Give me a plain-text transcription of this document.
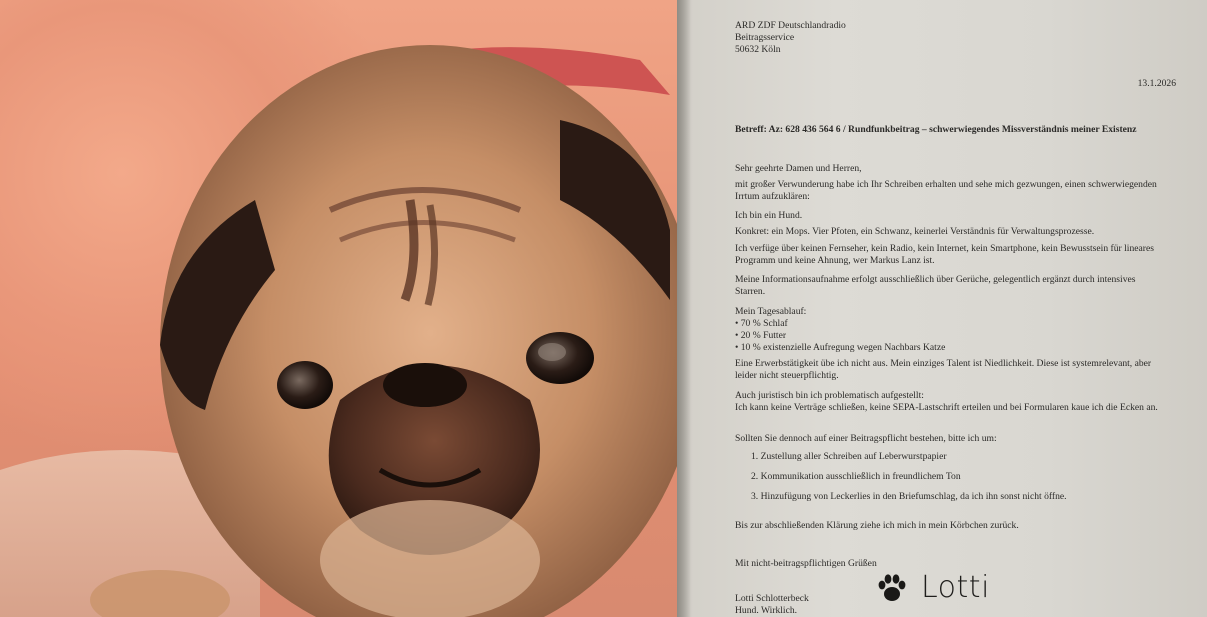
ARD ZDF Deutschlandradio
Beitragsservice
50632 Köln
13.1.2026
Betreff: Az: 628 436 564 6 / Rundfunkbeitrag – schwerwiegendes Missverständnis meiner Existenz
Sehr geehrte Damen und Herren,
mit großer Verwunderung habe ich Ihr Schreiben erhalten und sehe mich gezwungen, einen schwerwiegenden Irrtum aufzuklären:
Ich bin ein Hund.
Konkret: ein Mops. Vier Pfoten, ein Schwanz, keinerlei Verständnis für Verwaltungsprozesse.
Ich verfüge über keinen Fernseher, kein Radio, kein Internet, kein Smartphone, kein Bewusstsein für lineares Programm und keine Ahnung, wer Markus Lanz ist.
Meine Informationsaufnahme erfolgt ausschließlich über Gerüche, gelegentlich ergänzt durch intensives Starren.
Mein Tagesablauf:
• 70 % Schlaf
• 20 % Futter
• 10 % existenzielle Aufregung wegen Nachbars Katze
Eine Erwerbstätigkeit übe ich nicht aus. Mein einziges Talent ist Niedlichkeit. Diese ist systemrelevant, aber leider nicht steuerpflichtig.
Auch juristisch bin ich problematisch aufgestellt:
Ich kann keine Verträge schließen, keine SEPA-Lastschrift erteilen und bei Formularen kaue ich die Ecken an.
Sollten Sie dennoch auf einer Beitragspflicht bestehen, bitte ich um:
1. Zustellung aller Schreiben auf Leberwurstpapier
2. Kommunikation ausschließlich in freundlichem Ton
3. Hinzufügung von Leckerlies in den Briefumschlag, da ich ihn sonst nicht öffne.
Bis zur abschließenden Klärung ziehe ich mich in mein Körbchen zurück.
Mit nicht-beitragspflichtigen Grüßen
Lotti Schlotterbeck
Hund. Wirklich.
Lotti
